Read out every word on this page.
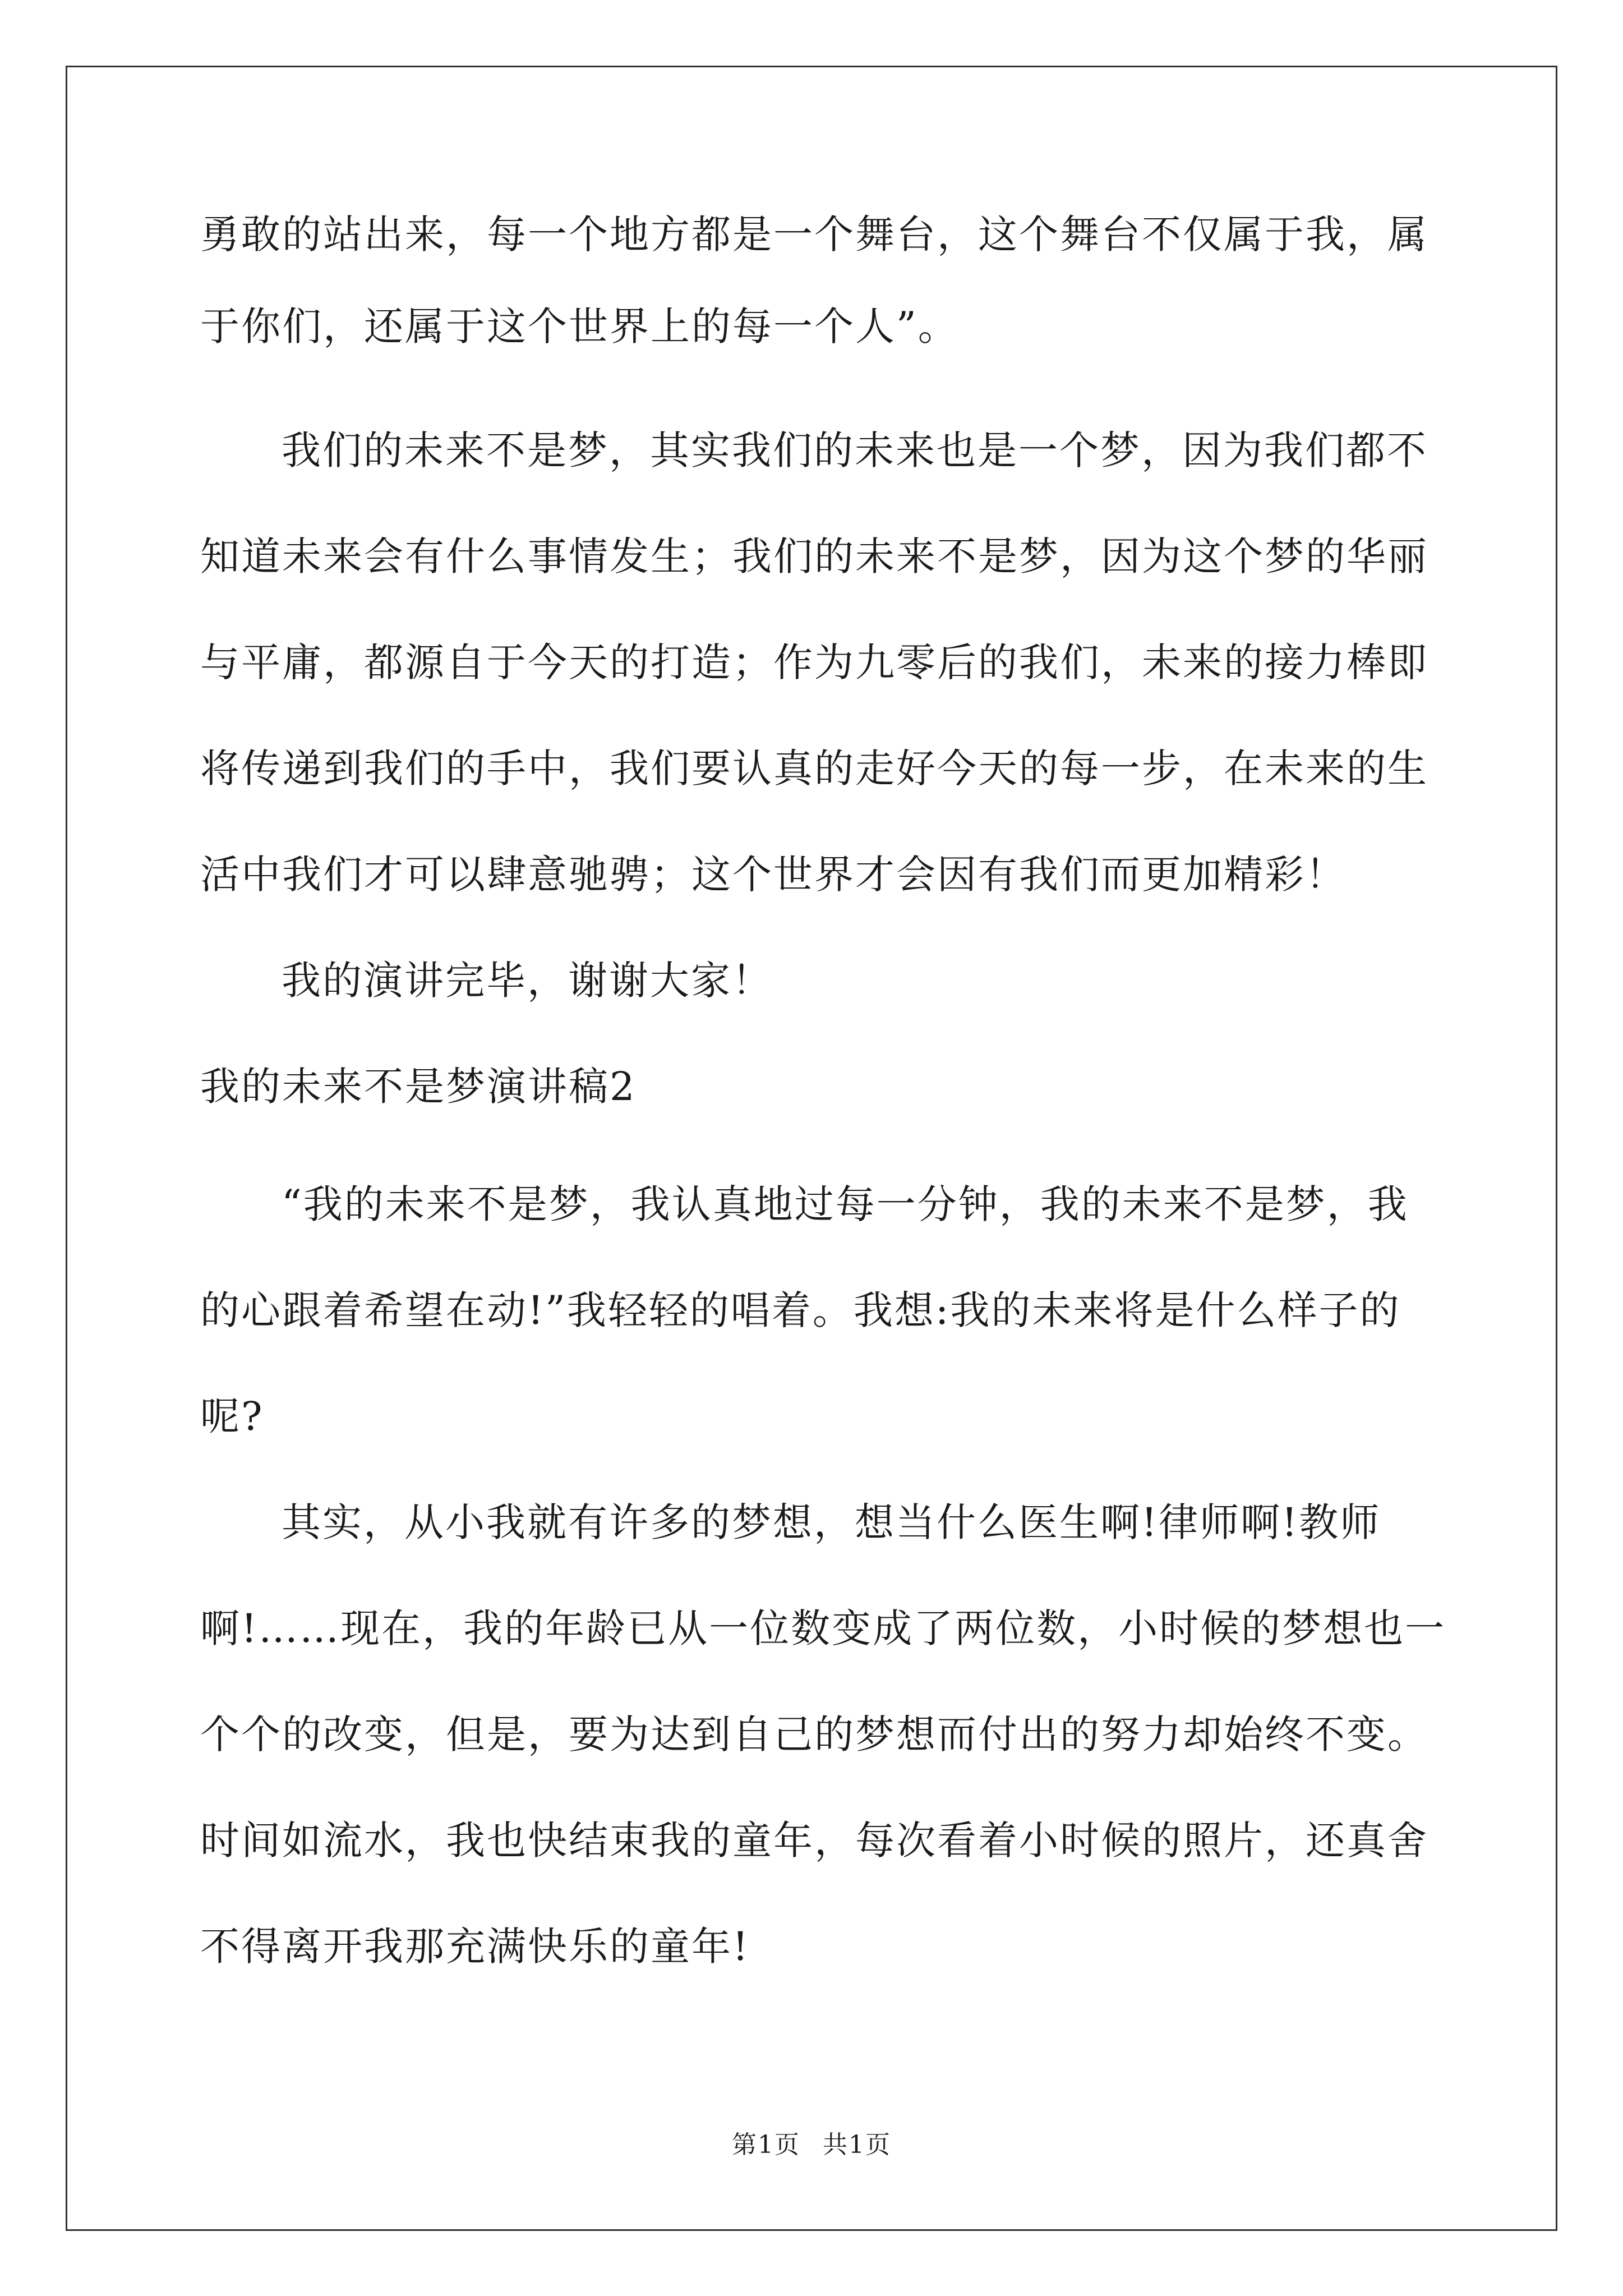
勇敢的站出来，每一个地方都是一个舞台，这个舞台不仅属于我，属
于你们，还属于这个世界上的每一个人”。
我们的未来不是梦，其实我们的未来也是一个梦，因为我们都不
知道未来会有什么事情发生；我们的未来不是梦，因为这个梦的华丽
与平庸，都源自于今天的打造；作为九零后的我们，未来的接力棒即
将传递到我们的手中，我们要认真的走好今天的每一步，在未来的生
活中我们才可以肆意驰骋；这个世界才会因有我们而更加精彩！
我的演讲完毕，谢谢大家！
我的未来不是梦演讲稿2
“我的未来不是梦，我认真地过每一分钟，我的未来不是梦，我
的心跟着希望在动!”我轻轻的唱着。我想:我的未来将是什么样子的
呢?
其实，从小我就有许多的梦想，想当什么医生啊!律师啊!教师
啊!……现在，我的年龄已从一位数变成了两位数，小时候的梦想也一
个个的改变，但是，要为达到自己的梦想而付出的努力却始终不变。
时间如流水，我也快结束我的童年，每次看着小时候的照片，还真舍
不得离开我那充满快乐的童年!
第1页 共1页
